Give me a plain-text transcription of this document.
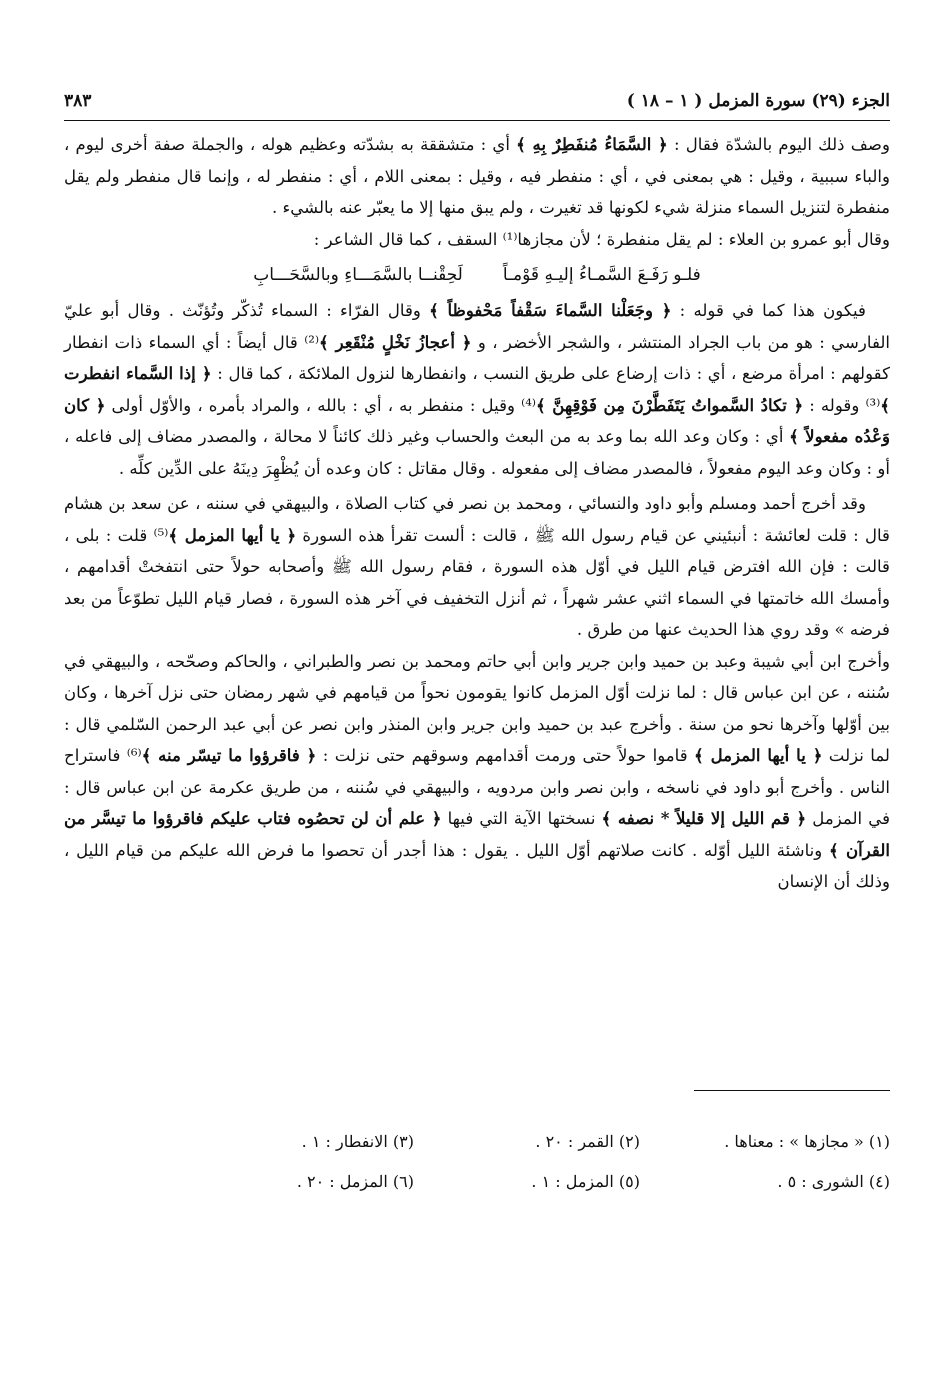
الجزء (٢٩) سورة المزمل ( ١ – ١٨ )
٣٨٣

وصف ذلك اليوم بالشدّة فقال : ﴿ السَّمَاءُ مُنفَطِرٌ بِهِ ﴾ أي : متشققة به بشدّته وعظيم هوله ، والجملة صفة أخرى ليوم ، والباء سببية ، وقيل : هي بمعنى في ، أي : منفطر فيه ، وقيل : بمعنى اللام ، أي : منفطر له ، وإنما قال منفطر ولم يقل منفطرة لتنزيل السماء منزلة شيء لكونها قد تغيرت ، ولم يبق منها إلا ما يعبّر عنه بالشيء .

وقال أبو عمرو بن العلاء : لم يقل منفطرة ؛ لأن مجازها⁽¹⁾ السقف ، كما قال الشاعر :

فلـو رَفَـعَ السَّمـاءُ إليـهِ قَوْمـاً
لَحِقْنــا بالسَّمَـــاءِ وبالسَّحَـــابِ

فيكون هذا كما في قوله : ﴿ وجَعَلْنا السَّماءَ سَقْفاً مَحْفوظاً ﴾ وقال الفرّاء : السماء تُذكّر وتُؤنّث . وقال أبو عليّ الفارسي : هو من باب الجراد المنتشر ، والشجر الأخضر ، و ﴿ أعجازُ نَخْلٍ مُنْقَعِر ﴾⁽²⁾ قال أيضاً : أي السماء ذات انفطار كقولهم : امرأة مرضع ، أي : ذات إرضاع على طريق النسب ، وانفطارها لنزول الملائكة ، كما قال : ﴿ إذا السَّماء انفطرت ﴾⁽³⁾ وقوله : ﴿ تكادُ السَّمواتُ يَتَفَطَّرْنَ مِن فَوْقِهِنَّ ﴾⁽⁴⁾ وقيل : منفطر به ، أي : بالله ، والمراد بأمره ، والأوّل أولى ﴿ كان وَعْدُه مفعولاً ﴾ أي : وكان وعد الله بما وعد به من البعث والحساب وغير ذلك كائناً لا محالة ، والمصدر مضاف إلى فاعله ، أو : وكان وعد اليوم مفعولاً ، فالمصدر مضاف إلى مفعوله . وقال مقاتل : كان وعده أن يُظْهِرَ دِينَهُ على الدِّين كلِّه .

وقد أخرج أحمد ومسلم وأبو داود والنسائي ، ومحمد بن نصر في كتاب الصلاة ، والبيهقي في سننه ، عن سعد بن هشام قال : قلت لعائشة : أنبئيني عن قيام رسول الله ﷺ ، قالت : ألست تقرأ هذه السورة ﴿ يا أيها المزمل ﴾⁽⁵⁾ قلت : بلى ، قالت : فإن الله افترض قيام الليل في أوّل هذه السورة ، فقام رسول الله ﷺ وأصحابه حولاً حتى انتفختْ أقدامهم ، وأمسك الله خاتمتها في السماء اثني عشر شهراً ، ثم أنزل التخفيف في آخر هذه السورة ، فصار قيام الليل تطوّعاً من بعد فرضه » وقد روي هذا الحديث عنها من طرق .

وأخرج ابن أبي شيبة وعبد بن حميد وابن جرير وابن أبي حاتم ومحمد بن نصر والطبراني ، والحاكم وصحّحه ، والبيهقي في سُننه ، عن ابن عباس قال : لما نزلت أوّل المزمل كانوا يقومون نحواً من قيامهم في شهر رمضان حتى نزل آخرها ، وكان بين أوّلها وآخرها نحو من سنة . وأخرج عبد بن حميد وابن جرير وابن المنذر وابن نصر عن أبي عبد الرحمن السّلمي قال : لما نزلت ﴿ يا أيها المزمل ﴾ قاموا حولاً حتى ورمت أقدامهم وسوقهم حتى نزلت : ﴿ فاقرؤوا ما تيسّر منه ﴾⁽⁶⁾ فاستراح الناس . وأخرج أبو داود في ناسخه ، وابن نصر وابن مردويه ، والبيهقي في سُننه ، من طريق عكرمة عن ابن عباس قال : في المزمل ﴿ قم الليل إلا قليلاً * نصفه ﴾ نسختها الآية التي فيها ﴿ علم أن لن تحصُوه فتاب عليكم فاقرؤوا ما تيسَّر من القرآن ﴾ وناشئة الليل أوّله . كانت صلاتهم أوّل الليل . يقول : هذا أجدر أن تحصوا ما فرض الله عليكم من قيام الليل ، وذلك أن الإنسان

(١) « مجازها » : معناها .
(٢) القمر : ٢٠ .
(٣) الانفطار : ١ .
(٤) الشورى : ٥ .
(٥) المزمل : ١ .
(٦) المزمل : ٢٠ .
